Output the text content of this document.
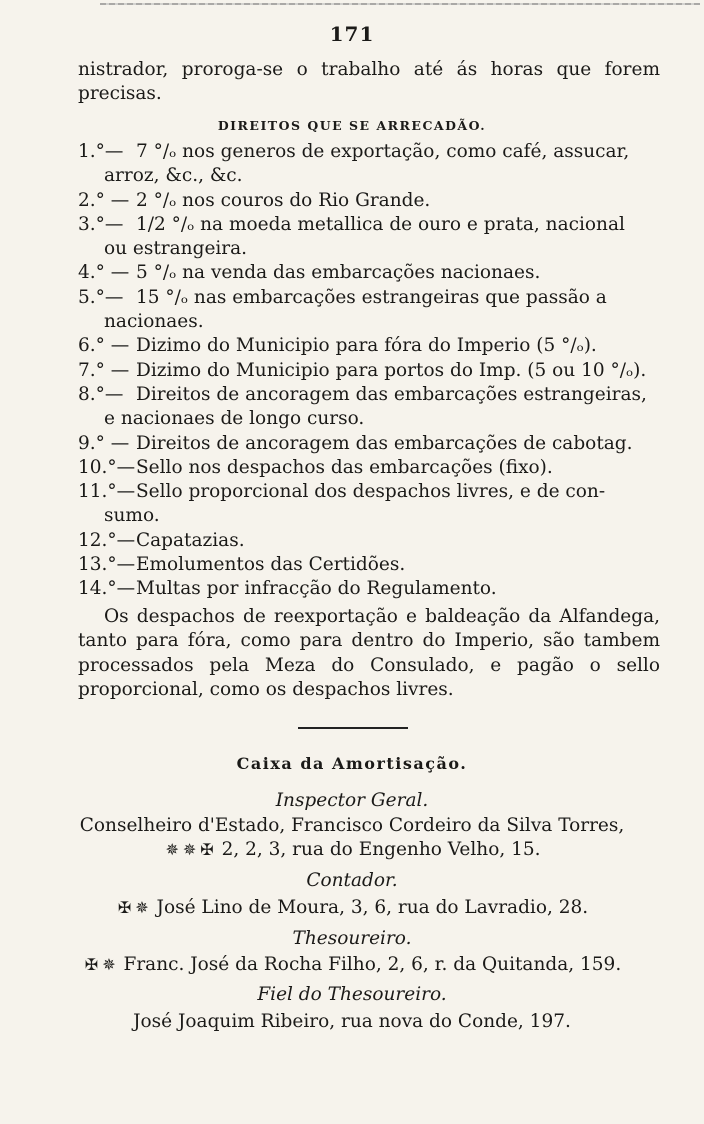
171
nistrador, proroga-se o trabalho até ás horas que forem
precisas.
DIREITOS QUE SE ARRECADÃO.
1.°— 7 °/ₒ nos generos de exportação, como café, assucar,
arroz, &c., &c.
2.° — 2 °/ₒ nos couros do Rio Grande.
3.°— 1/2 °/ₒ na moeda metallica de ouro e prata, nacional
ou estrangeira.
4.° — 5 °/ₒ na venda das embarcações nacionaes.
5.°— 15 °/ₒ nas embarcações estrangeiras que passão a
nacionaes.
6.° — Dizimo do Municipio para fóra do Imperio (5 °/ₒ).
7.° — Dizimo do Municipio para portos do Imp. (5 ou 10 °/ₒ).
8.°— Direitos de ancoragem das embarcações estrangeiras,
e nacionaes de longo curso.
9.° — Direitos de ancoragem das embarcações de cabotag.
10.°—Sello nos despachos das embarcações (fixo).
11.°—Sello proporcional dos despachos livres, e de con-
sumo.
12.°—Capatazias.
13.°—Emolumentos das Certidões.
14.°—Multas por infracção do Regulamento.
Os despachos de reexportação e baldeação da Alfandega, tanto para fóra, como para dentro do Imperio, são tambem processados pela Meza do Consulado, e pagão o sello proporcional, como os despachos livres.
Caixa da Amortisação.
Inspector Geral.
Conselheiro d'Estado, Francisco Cordeiro da Silva Torres,
✵ ✵ ✠ 2, 2, 3, rua do Engenho Velho, 15.
Contador.
✠ ✵ José Lino de Moura, 3, 6, rua do Lavradio, 28.
Thesoureiro.
✠ ✵ Franc. José da Rocha Filho, 2, 6, r. da Quitanda, 159.
Fiel do Thesoureiro.
José Joaquim Ribeiro, rua nova do Conde, 197.
